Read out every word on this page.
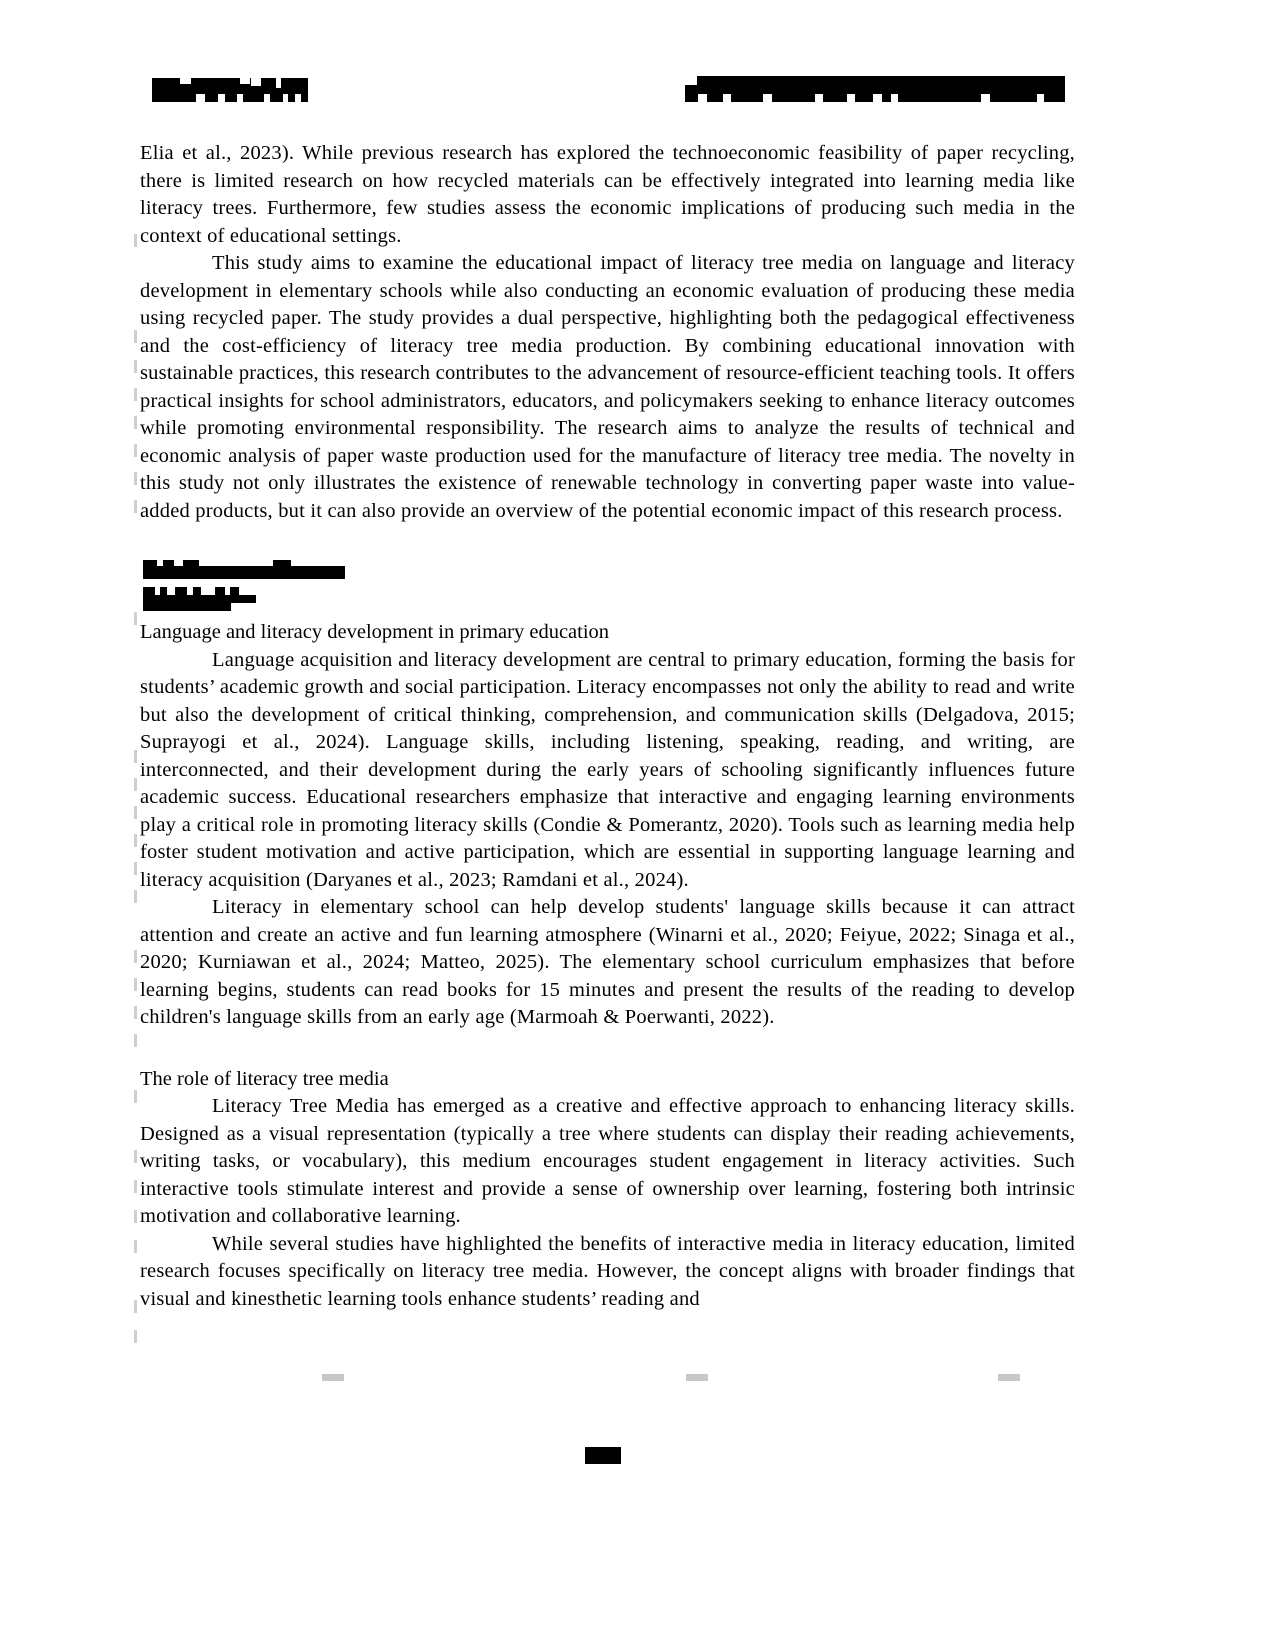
Elia et al., 2023). While previous research has explored the technoeconomic feasibility of paper recycling, there is limited research on how recycled materials can be effectively integrated into learning media like literacy trees. Furthermore, few studies assess the economic implications of producing such media in the context of educational settings.

This study aims to examine the educational impact of literacy tree media on language and literacy development in elementary schools while also conducting an economic evaluation of producing these media using recycled paper. The study provides a dual perspective, highlighting both the pedagogical effectiveness and the cost-efficiency of literacy tree media production. By combining educational innovation with sustainable practices, this research contributes to the advancement of resource-efficient teaching tools. It offers practical insights for school administrators, educators, and policymakers seeking to enhance literacy outcomes while promoting environmental responsibility. The research aims to analyze the results of technical and economic analysis of paper waste production used for the manufacture of literacy tree media. The novelty in this study not only illustrates the existence of renewable technology in converting paper waste into value-added products, but it can also provide an overview of the potential economic impact of this research process.

Language and literacy development in primary education

Language acquisition and literacy development are central to primary education, forming the basis for students’ academic growth and social participation. Literacy encompasses not only the ability to read and write but also the development of critical thinking, comprehension, and communication skills (Delgadova, 2015; Suprayogi et al., 2024). Language skills, including listening, speaking, reading, and writing, are interconnected, and their development during the early years of schooling significantly influences future academic success. Educational researchers emphasize that interactive and engaging learning environments play a critical role in promoting literacy skills (Condie & Pomerantz, 2020). Tools such as learning media help foster student motivation and active participation, which are essential in supporting language learning and literacy acquisition (Daryanes et al., 2023; Ramdani et al., 2024).

Literacy in elementary school can help develop students' language skills because it can attract attention and create an active and fun learning atmosphere (Winarni et al., 2020; Feiyue, 2022; Sinaga et al., 2020; Kurniawan et al., 2024; Matteo, 2025). The elementary school curriculum emphasizes that before learning begins, students can read books for 15 minutes and present the results of the reading to develop children's language skills from an early age (Marmoah & Poerwanti, 2022).

The role of literacy tree media

Literacy Tree Media has emerged as a creative and effective approach to enhancing literacy skills. Designed as a visual representation (typically a tree where students can display their reading achievements, writing tasks, or vocabulary), this medium encourages student engagement in literacy activities. Such interactive tools stimulate interest and provide a sense of ownership over learning, fostering both intrinsic motivation and collaborative learning.

While several studies have highlighted the benefits of interactive media in literacy education, limited research focuses specifically on literacy tree media. However, the concept aligns with broader findings that visual and kinesthetic learning tools enhance students’ reading and
